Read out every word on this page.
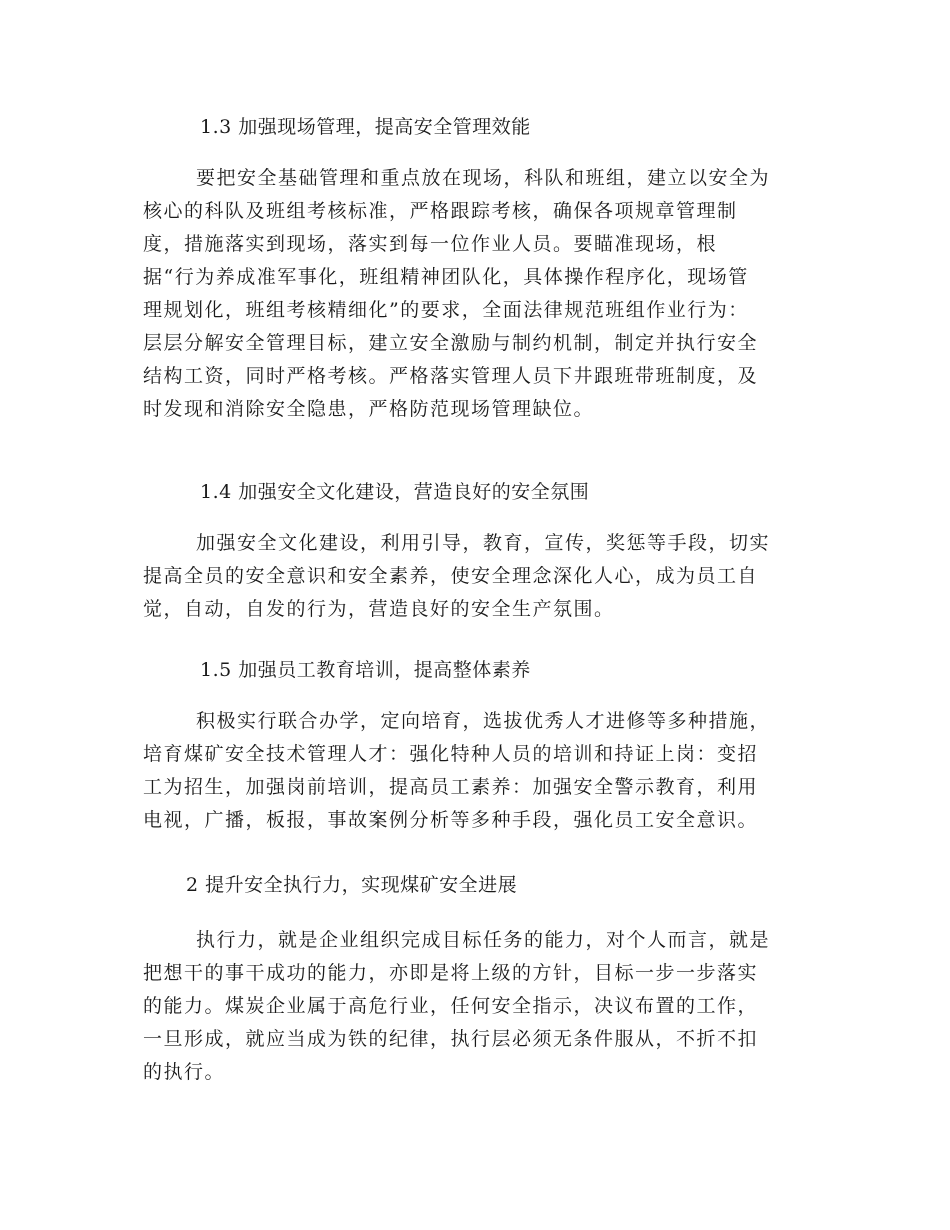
1.3 加强现场管理，提高安全管理效能
要把安全基础管理和重点放在现场，科队和班组，建立以安全为
核心的科队及班组考核标准，严格跟踪考核，确保各项规章管理制
度，措施落实到现场，落实到每一位作业人员。要瞄准现场，根
据“行为养成准军事化，班组精神团队化，具体操作程序化，现场管
理规划化，班组考核精细化”的要求，全面法律规范班组作业行为：
层层分解安全管理目标，建立安全激励与制约机制，制定并执行安全
结构工资，同时严格考核。严格落实管理人员下井跟班带班制度，及
时发现和消除安全隐患，严格防范现场管理缺位。
1.4 加强安全文化建设，营造良好的安全氛围
加强安全文化建设，利用引导，教育，宣传，奖惩等手段，切实
提高全员的安全意识和安全素养，使安全理念深化人心，成为员工自
觉，自动，自发的行为，营造良好的安全生产氛围。
1.5 加强员工教育培训，提高整体素养
积极实行联合办学，定向培育，选拔优秀人才进修等多种措施，
培育煤矿安全技术管理人才：强化特种人员的培训和持证上岗：变招
工为招生，加强岗前培训，提高员工素养：加强安全警示教育，利用
电视，广播，板报，事故案例分析等多种手段，强化员工安全意识。
2 提升安全执行力，实现煤矿安全进展
执行力，就是企业组织完成目标任务的能力，对个人而言，就是
把想干的事干成功的能力，亦即是将上级的方针，目标一步一步落实
的能力。煤炭企业属于高危行业，任何安全指示，决议布置的工作，
一旦形成，就应当成为铁的纪律，执行层必须无条件服从，不折不扣
的执行。
